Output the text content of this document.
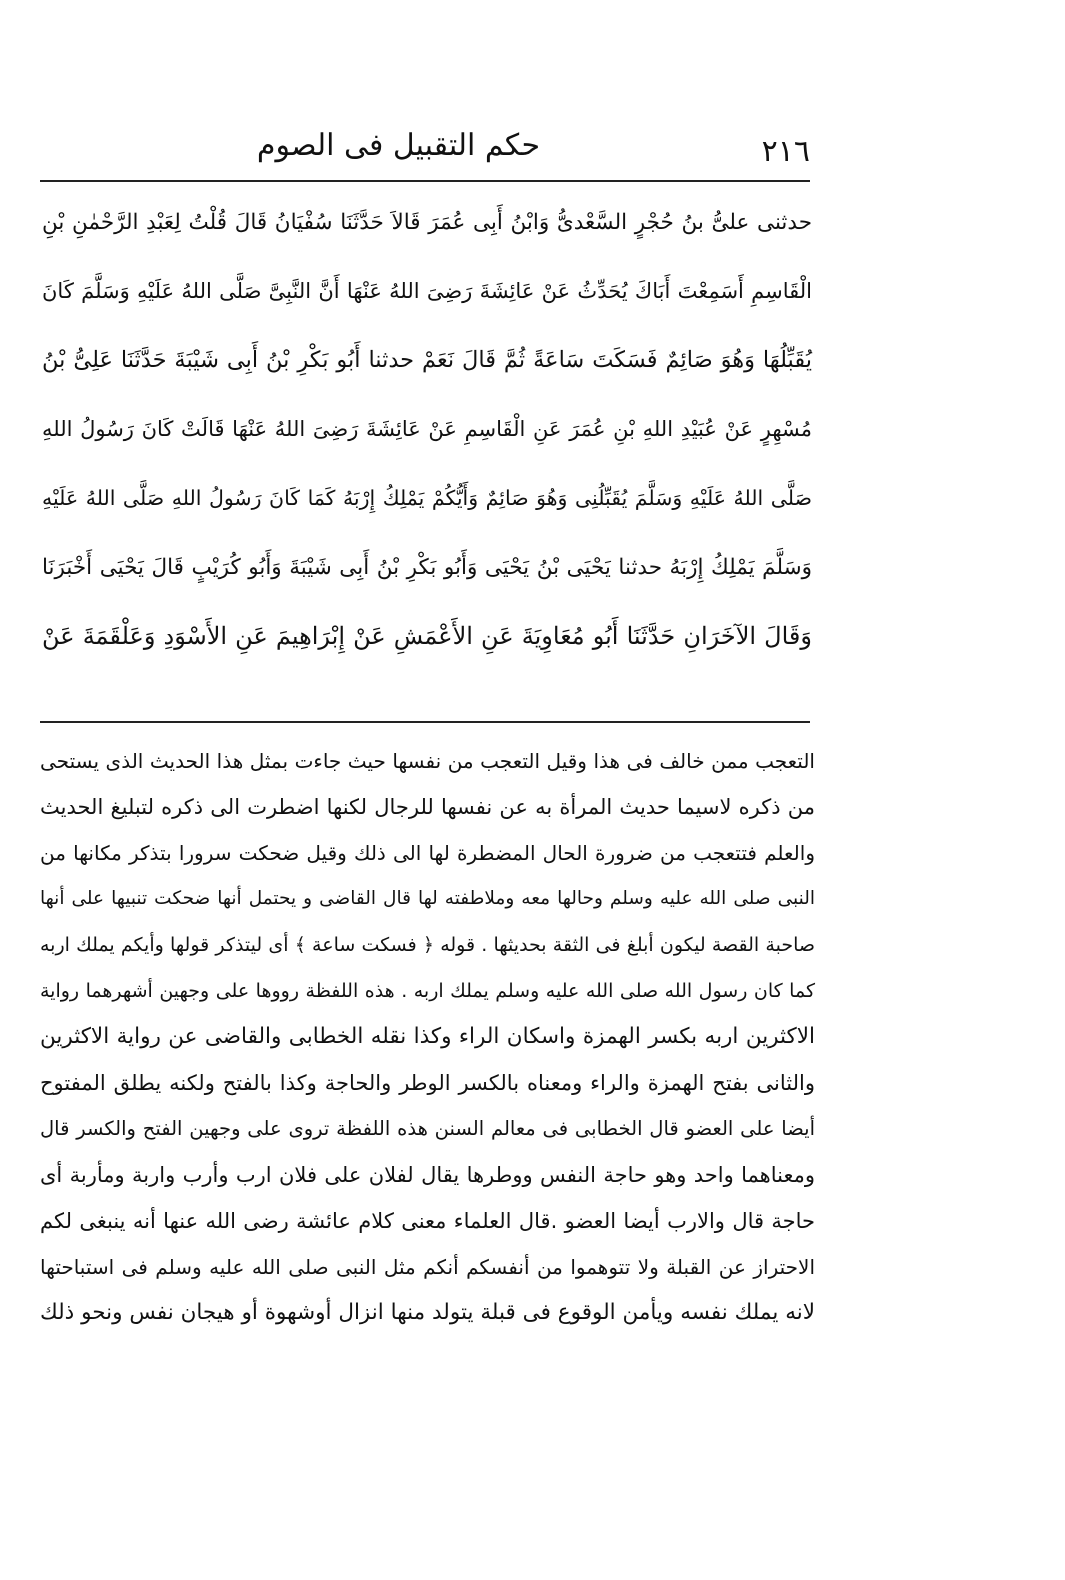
٢١٦
حكم التقبيل فى الصوم
حدثنى علىُّ بنُ حُجْرٍ السَّعْدىُّ وَابْنُ أَبِى عُمَرَ قَالاَ حَدَّثَنَا سُفْيَانُ قَالَ قُلْتُ لِعَبْدِ الرَّحْمٰنِ بْنِ
الْقَاسِمِ أَسَمِعْتَ أَبَاكَ يُحَدِّثُ عَنْ عَائِشَةَ رَضِىَ اللهُ عَنْهَا أَنَّ النَّبِىَّ صَلَّى اللهُ عَلَيْهِ وَسَلَّمَ كَانَ
يُقَبِّلُهَا وَهُوَ صَائِمٌ فَسَكَتَ سَاعَةً ثُمَّ قَالَ نَعَمْ حدثنا أَبُو بَكْرِ بْنُ أَبِى شَيْبَةَ حَدَّثَنَا عَلِىُّ بْنُ
مُسْهِرٍ عَنْ عُبَيْدِ اللهِ بْنِ عُمَرَ عَنِ الْقَاسِمِ عَنْ عَائِشَةَ رَضِىَ اللهُ عَنْهَا قَالَتْ كَانَ رَسُولُ اللهِ
صَلَّى اللهُ عَلَيْهِ وَسَلَّمَ يُقَبِّلُنِى وَهُوَ صَائِمٌ وَأَيُّكُمْ يَمْلِكُ إِرْبَهُ كَمَا كَانَ رَسُولُ اللهِ صَلَّى اللهُ عَلَيْهِ
وَسَلَّمَ يَمْلِكُ إِرْبَهُ حدثنا يَحْيَى بْنُ يَحْيَى وَأَبُو بَكْرِ بْنُ أَبِى شَيْبَةَ وَأَبُو كُرَيْبٍ قَالَ يَحْيَى أَخْبَرَنَا
وَقَالَ الآخَرَانِ حَدَّثَنَا أَبُو مُعَاوِيَةَ عَنِ الأَعْمَشِ عَنْ إِبْرَاهِيمَ عَنِ الأَسْوَدِ وَعَلْقَمَةَ عَنْ
التعجب ممن خالف فى هذا وقيل التعجب من نفسها حيث جاءت بمثل هذا الحديث الذى يستحى
من ذكره لاسيما حديث المرأة به عن نفسها للرجال لكنها اضطرت الى ذكره لتبليغ الحديث
والعلم فتتعجب من ضرورة الحال المضطرة لها الى ذلك وقيل ضحكت سرورا بتذكر مكانها من
النبى صلى الله عليه وسلم وحالها معه وملاطفته لها قال القاضى و يحتمل أنها ضحكت تنبيها على أنها
صاحبة القصة ليكون أبلغ فى الثقة بحديثها . قوله ﴿ فسكت ساعة ﴾ أى ليتذكر قولها وأيكم يملك اربه
كما كان رسول الله صلى الله عليه وسلم يملك اربه . هذه اللفظة رووها على وجهين أشهرهما رواية
الاكثرين اربه بكسر الهمزة واسكان الراء وكذا نقله الخطابى والقاضى عن رواية الاكثرين
والثانى بفتح الهمزة والراء ومعناه بالكسر الوطر والحاجة وكذا بالفتح ولكنه يطلق المفتوح
أيضا على العضو قال الخطابى فى معالم السنن هذه اللفظة تروى على وجهين الفتح والكسر قال
ومعناهما واحد وهو حاجة النفس ووطرها يقال لفلان على فلان ارب وأرب واربة ومأربة أى
حاجة قال والارب أيضا العضو .قال العلماء معنى كلام عائشة رضى الله عنها أنه ينبغى لكم
الاحتراز عن القبلة ولا تتوهموا من أنفسكم أنكم مثل النبى صلى الله عليه وسلم فى استباحتها
لانه يملك نفسه ويأمن الوقوع فى قبلة يتولد منها انزال أوشهوة أو هيجان نفس ونحو ذلك
